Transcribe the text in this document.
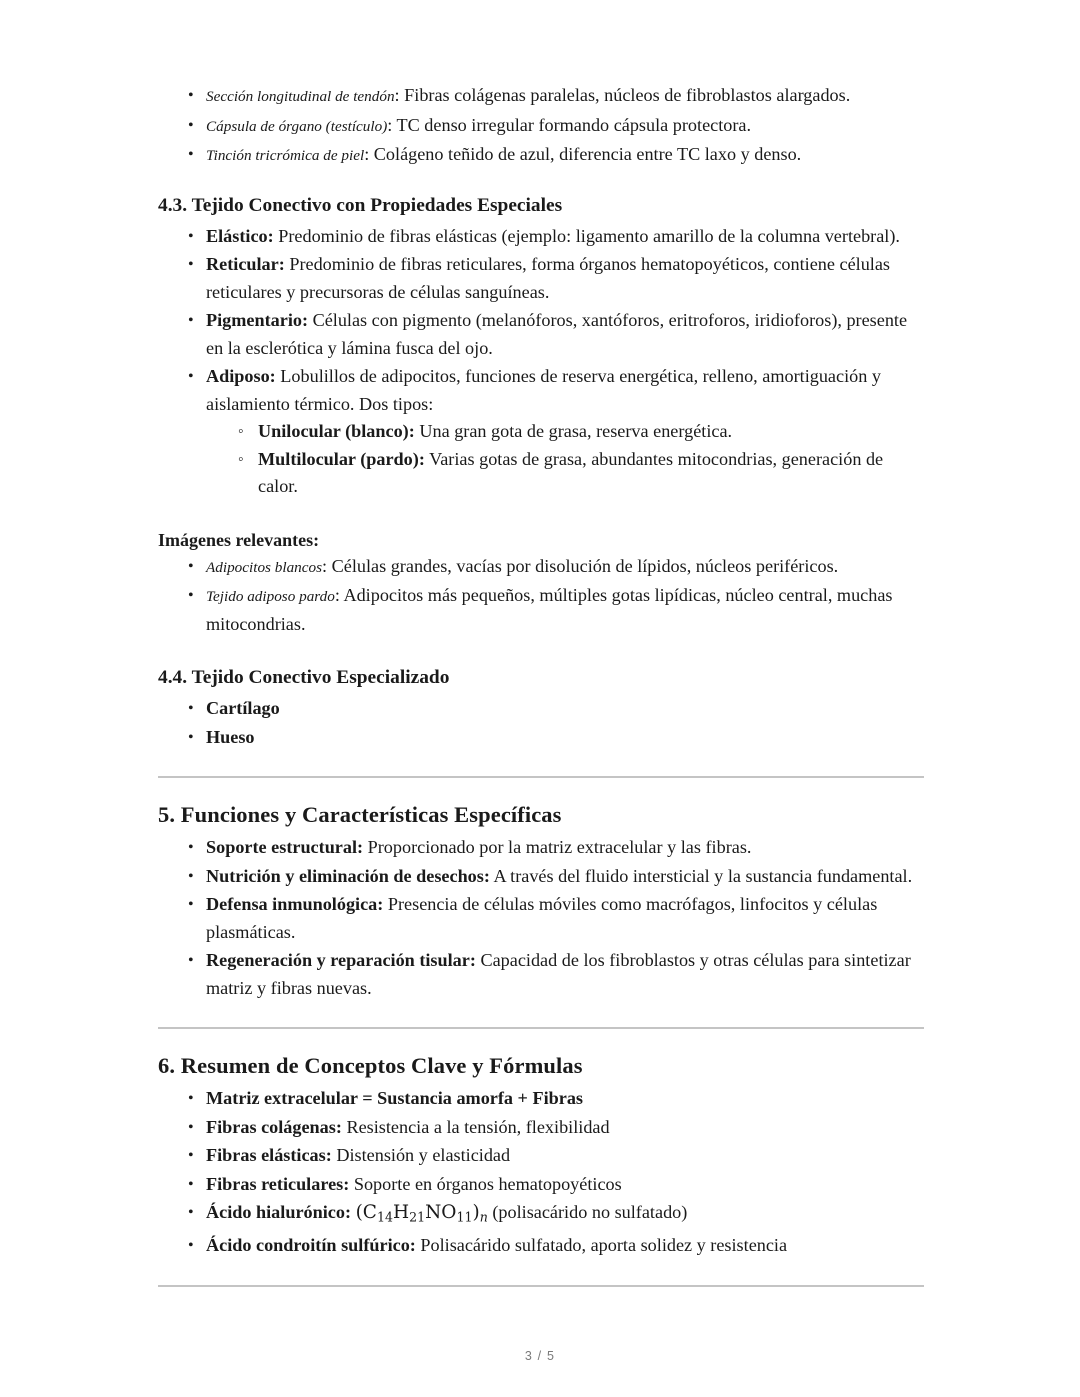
• Sección longitudinal de tendón: Fibras colágenas paralelas, núcleos de fibroblastos alargados.
• Cápsula de órgano (testículo): TC denso irregular formando cápsula protectora.
• Tinción tricrómica de piel: Colágeno teñido de azul, diferencia entre TC laxo y denso.
4.3. Tejido Conectivo con Propiedades Especiales
• Elástico: Predominio de fibras elásticas (ejemplo: ligamento amarillo de la columna vertebral).
• Reticular: Predominio de fibras reticulares, forma órganos hematopoyéticos, contiene células reticulares y precursoras de células sanguíneas.
• Pigmentario: Células con pigmento (melanóforos, xantóforos, eritroforos, iridioforos), presente en la esclerótica y lámina fusca del ojo.
• Adiposo: Lobulillos de adipocitos, funciones de reserva energética, relleno, amortiguación y aislamiento térmico. Dos tipos:
◦ Unilocular (blanco): Una gran gota de grasa, reserva energética.
◦ Multilocular (pardo): Varias gotas de grasa, abundantes mitocondrias, generación de calor.

Imágenes relevantes:

• Adipocitos blancos: Células grandes, vacías por disolución de lípidos, núcleos periféricos.
• Tejido adiposo pardo: Adipocitos más pequeños, múltiples gotas lipídicas, núcleo central, muchas mitocondrias.
4.4. Tejido Conectivo Especializado
• Cartílago
• Hueso
5. Funciones y Características Específicas
• Soporte estructural: Proporcionado por la matriz extracelular y las fibras.
• Nutrición y eliminación de desechos: A través del fluido intersticial y la sustancia fundamental.
• Defensa inmunológica: Presencia de células móviles como macrófagos, linfocitos y células plasmáticas.
• Regeneración y reparación tisular: Capacidad de los fibroblastos y otras células para sintetizar matriz y fibras nuevas.
6. Resumen de Conceptos Clave y Fórmulas
• Matriz extracelular = Sustancia amorfa + Fibras
• Fibras colágenas: Resistencia a la tensión, flexibilidad
• Fibras elásticas: Distensión y elasticidad
• Fibras reticulares: Soporte en órganos hematopoyéticos
• Ácido hialurónico: $(C_{14}H_{21}NO_{11})n$ (polisacárido no sulfatado)
• Ácido condroitín sulfúrico: Polisacárido sulfatado, aporta solidez y resistencia
3 / 5
